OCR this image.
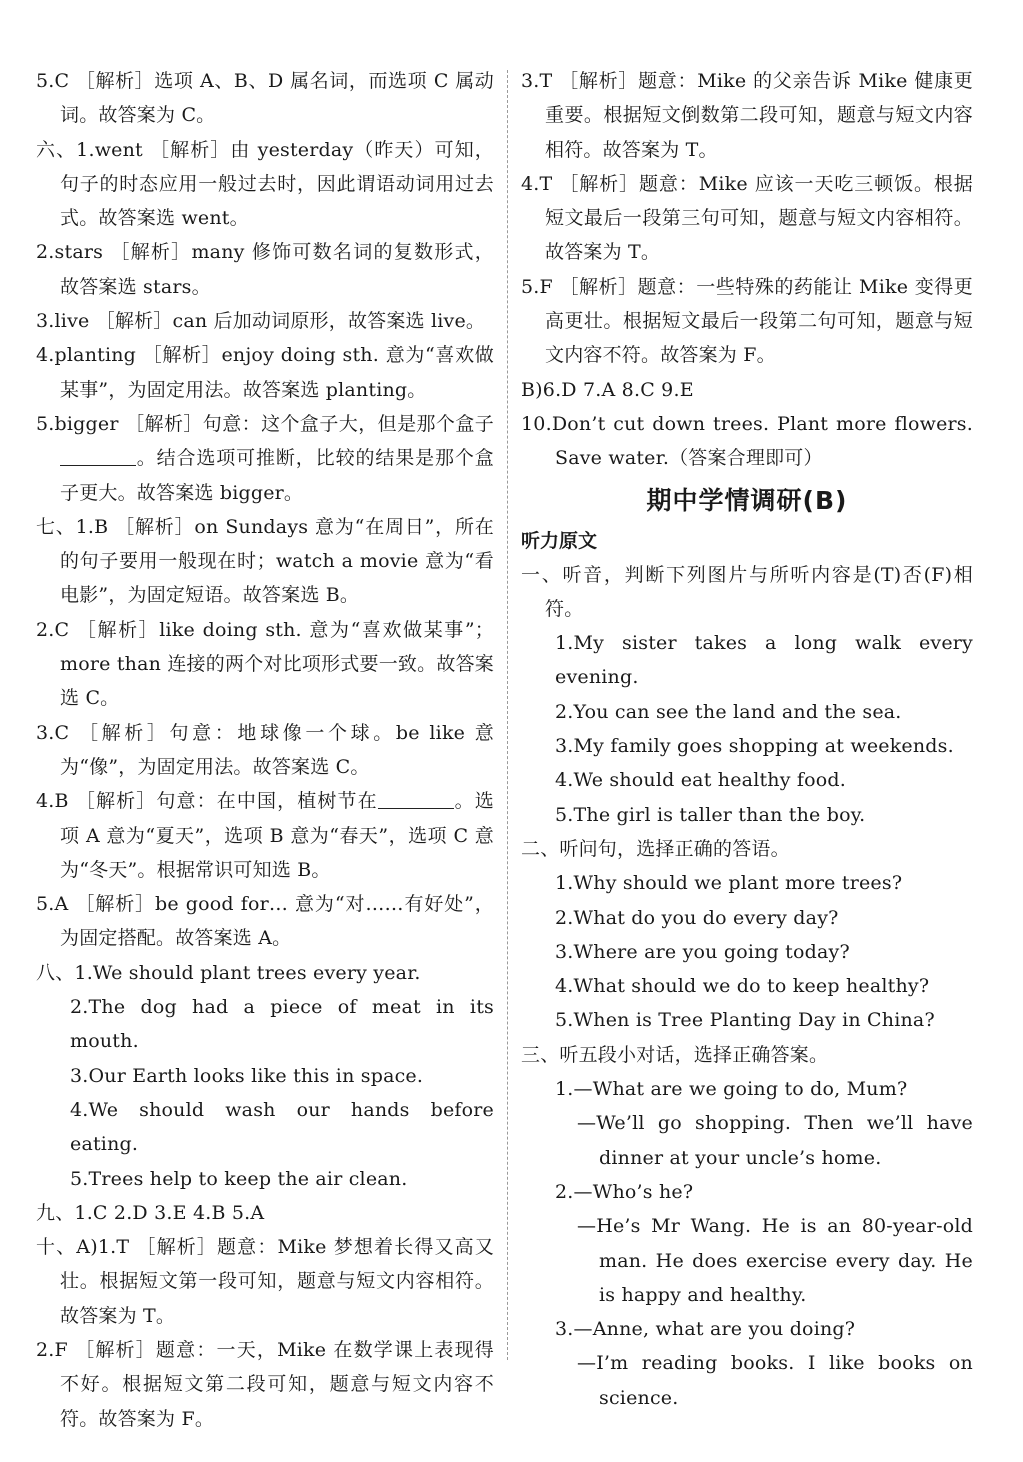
5.C ［解析］选项 A、B、D 属名词，而选项 C 属动词。故答案为 C。

六、1.went ［解析］由 yesterday（昨天）可知，句子的时态应用一般过去时，因此谓语动词用过去式。故答案选 went。

2.stars ［解析］many 修饰可数名词的复数形式，故答案选 stars。

3.live ［解析］can 后加动词原形，故答案选 live。

4.planting ［解析］enjoy doing sth. 意为“喜欢做某事”，为固定用法。故答案选 planting。

5.bigger ［解析］句意：这个盒子大，但是那个盒子。结合选项可推断，比较的结果是那个盒子更大。故答案选 bigger。

七、1.B ［解析］on Sundays 意为“在周日”，所在的句子要用一般现在时；watch a movie 意为“看电影”，为固定短语。故答案选 B。

2.C ［解析］like doing sth. 意为“喜欢做某事”；more than 连接的两个对比项形式要一致。故答案选 C。

3.C ［解析］句意：地球像一个球。be like 意为“像”，为固定用法。故答案选 C。

4.B ［解析］句意：在中国，植树节在	。选项 A 意为“夏天”，选项 B 意为“春天”，选项 C 意为“冬天”。根据常识可知选 B。

5.A ［解析］be good for… 意为“对……有好处”，为固定搭配。故答案选 A。

八、1.We should plant trees every year.

2.The dog had a piece of meat in its mouth.

3.Our Earth looks like this in space.

4.We should wash our hands before eating.

5.Trees help to keep the air clean.

九、1.C 2.D 3.E 4.B 5.A

十、A)1.T ［解析］题意：Mike 梦想着长得又高又壮。根据短文第一段可知，题意与短文内容相符。故答案为 T。

2.F ［解析］题意：一天，Mike 在数学课上表现得不好。根据短文第二段可知，题意与短文内容不符。故答案为 F。

3.T ［解析］题意：Mike 的父亲告诉 Mike 健康更重要。根据短文倒数第二段可知，题意与短文内容相符。故答案为 T。

4.T ［解析］题意：Mike 应该一天吃三顿饭。根据短文最后一段第三句可知，题意与短文内容相符。故答案为 T。

5.F ［解析］题意：一些特殊的药能让 Mike 变得更高更壮。根据短文最后一段第二句可知，题意与短文内容不符。故答案为 F。

B)6.D 7.A 8.C 9.E

10.Don’t cut down trees. Plant more flowers. Save water.（答案合理即可）

期中学情调研(B)

听力原文

一、听音，判断下列图片与所听内容是(T)否(F)相符。

1.My sister takes a long walk every evening.

2.You can see the land and the sea.

3.My family goes shopping at weekends.

4.We should eat healthy food.

5.The girl is taller than the boy.

二、听问句，选择正确的答语。

1.Why should we plant more trees?

2.What do you do every day?

3.Where are you going today?

4.What should we do to keep healthy?

5.When is Tree Planting Day in China?

三、听五段小对话，选择正确答案。

1.—What are we going to do, Mum?

—We’ll go shopping. Then we’ll have dinner at your uncle’s home.

2.—Who’s he?

—He’s Mr Wang. He is an 80-year-old man. He does exercise every day. He is happy and healthy.

3.—Anne, what are you doing?

—I’m reading books. I like books on science.
